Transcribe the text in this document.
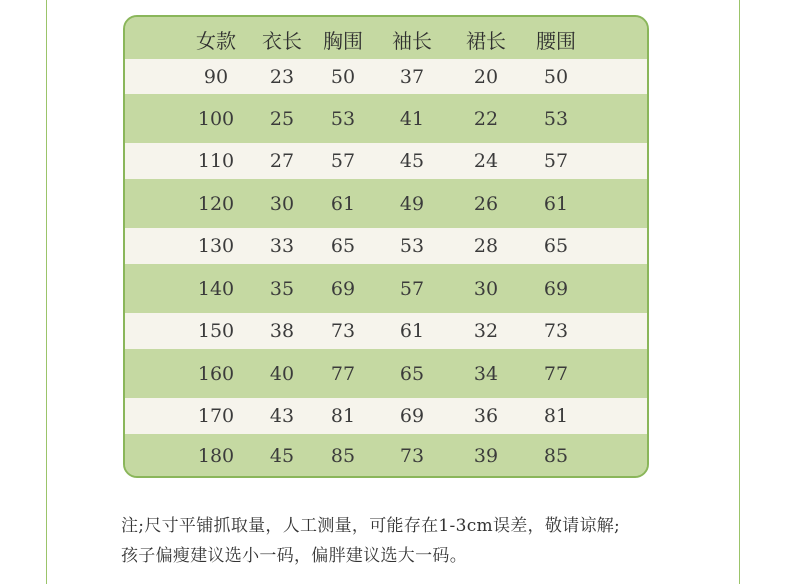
女款 衣长 胸围 袖长 裙长 腰围
90 23 50 37	20 50
100 25 53 41	22 53
110 27 57 45	24 57
120 30 61 49	26 61
130 33 65 53	28 65
140 35 69 57	30 69
150 38 73 61	32 73
160 40 77 65	34 77
170 43 81 69	36 81
180 45 85 73	39 85
注;尺寸平铺抓取量，人工测量，可能存在1-3cm误差，敬请谅解;
孩子偏瘦建议选小一码，偏胖建议选大一码。
